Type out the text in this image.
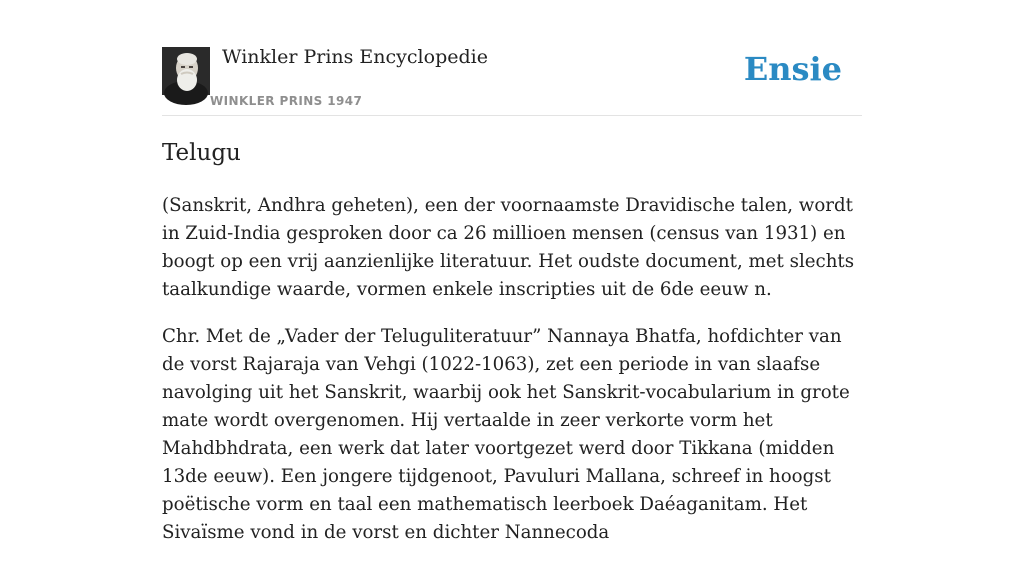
Winkler Prins Encyclopedie
WINKLER PRINS 1947
Ensie
Telugu

(Sanskrit, Andhra geheten), een der voornaamste Dravidische talen, wordt in Zuid-India gesproken door ca 26 millioen mensen (census van 1931) en boogt op een vrij aanzienlijke literatuur. Het oudste document, met slechts taalkundige waarde, vormen enkele inscripties uit de 6de eeuw n.

Chr. Met de „Vader der Teluguliteratuur” Nannaya Bhatfa, hofdichter van de vorst Rajaraja van Vehgi (1022-1063), zet een periode in van slaafse navolging uit het Sanskrit, waarbij ook het Sanskrit-vocabularium in grote mate wordt overgenomen. Hij vertaalde in zeer verkorte vorm het Mahdbhdrata, een werk dat later voortgezet werd door Tikkana (midden 13de eeuw). Een jongere tijdgenoot, Pavuluri Mallana, schreef in hoogst poëtische vorm en taal een mathematisch leerboek Daéaganitam. Het Sivaïsme vond in de vorst en dichter Nannecoda
